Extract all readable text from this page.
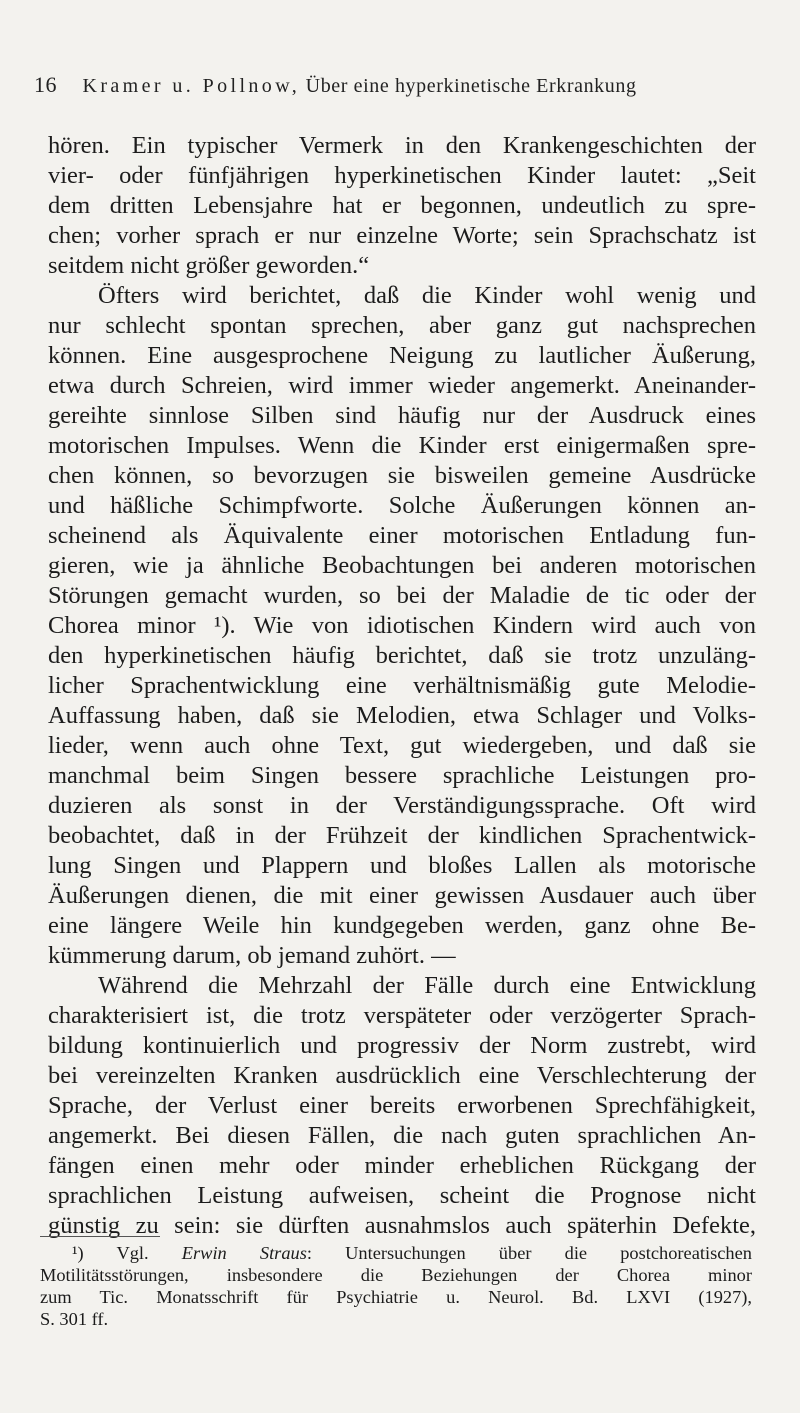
16 Kramer u. Pollnow, Über eine hyperkinetische Erkrankung
hören. Ein typischer Vermerk in den Krankengeschichten der
vier- oder fünfjährigen hyperkinetischen Kinder lautet: „Seit
dem dritten Lebensjahre hat er begonnen, undeutlich zu spre-
chen; vorher sprach er nur einzelne Worte; sein Sprachschatz ist
seitdem nicht größer geworden.“
Öfters wird berichtet, daß die Kinder wohl wenig und
nur schlecht spontan sprechen, aber ganz gut nachsprechen
können. Eine ausgesprochene Neigung zu lautlicher Äußerung,
etwa durch Schreien, wird immer wieder angemerkt. Aneinander-
gereihte sinnlose Silben sind häufig nur der Ausdruck eines
motorischen Impulses. Wenn die Kinder erst einigermaßen spre-
chen können, so bevorzugen sie bisweilen gemeine Ausdrücke
und häßliche Schimpfworte. Solche Äußerungen können an-
scheinend als Äquivalente einer motorischen Entladung fun-
gieren, wie ja ähnliche Beobachtungen bei anderen motorischen
Störungen gemacht wurden, so bei der Maladie de tic oder der
Chorea minor ¹). Wie von idiotischen Kindern wird auch von
den hyperkinetischen häufig berichtet, daß sie trotz unzuläng-
licher Sprachentwicklung eine verhältnismäßig gute Melodie-
Auffassung haben, daß sie Melodien, etwa Schlager und Volks-
lieder, wenn auch ohne Text, gut wiedergeben, und daß sie
manchmal beim Singen bessere sprachliche Leistungen pro-
duzieren als sonst in der Verständigungssprache. Oft wird
beobachtet, daß in der Frühzeit der kindlichen Sprachentwick-
lung Singen und Plappern und bloßes Lallen als motorische
Äußerungen dienen, die mit einer gewissen Ausdauer auch über
eine längere Weile hin kundgegeben werden, ganz ohne Be-
kümmerung darum, ob jemand zuhört. —
Während die Mehrzahl der Fälle durch eine Entwicklung
charakterisiert ist, die trotz verspäteter oder verzögerter Sprach-
bildung kontinuierlich und progressiv der Norm zustrebt, wird
bei vereinzelten Kranken ausdrücklich eine Verschlechterung der
Sprache, der Verlust einer bereits erworbenen Sprechfähigkeit,
angemerkt. Bei diesen Fällen, die nach guten sprachlichen An-
fängen einen mehr oder minder erheblichen Rückgang der
sprachlichen Leistung aufweisen, scheint die Prognose nicht
günstig zu sein: sie dürften ausnahmslos auch späterhin Defekte,
¹) Vgl. Erwin Straus: Untersuchungen über die postchoreatischen
Motilitätsstörungen, insbesondere die Beziehungen der Chorea minor
zum Tic. Monatsschrift für Psychiatrie u. Neurol. Bd. LXVI (1927),
S. 301 ff.
